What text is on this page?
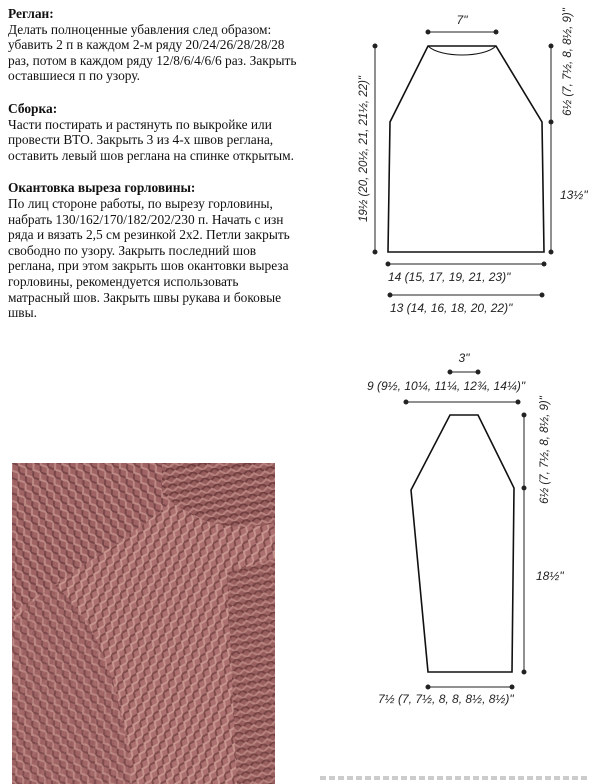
Реглан:
Делать полноценные убавления след образом: убавить 2 п в каждом 2-м ряду 20/24/26/28/28/28 раз, потом в каждом ряду 12/8/6/4/6/6 раз. Закрыть оставшиеся п по узору.
Сборка:
Части постирать и растянуть по выкройке или провести ВТО. Закрыть 3 из 4-х швов реглана, оставить левый шов реглана на спинке открытым.
Окантовка выреза горловины:
По лиц стороне работы, по вырезу горловины, набрать 130/162/170/182/202/230 п. Начать с изн ряда и вязать 2,5 см резинкой 2х2. Петли закрыть свободно по узору. Закрыть последний шов реглана, при этом закрыть шов окантовки выреза горловины, рекомендуется использовать матрасный шов. Закрыть швы рукава и боковые швы.
7"
19½ (20, 20½, 21, 21½, 22)"
6½ (7, 7½, 8, 8½, 9)"
13½"
14 (15, 17, 19, 21, 23)"
13 (14, 16, 18, 20, 22)"
3"
9 (9½, 10¼, 11¼, 12¾, 14¼)"
6½ (7, 7½, 8, 8½, 9)"
18½"
7½ (7, 7½, 8, 8, 8½, 8½)"
